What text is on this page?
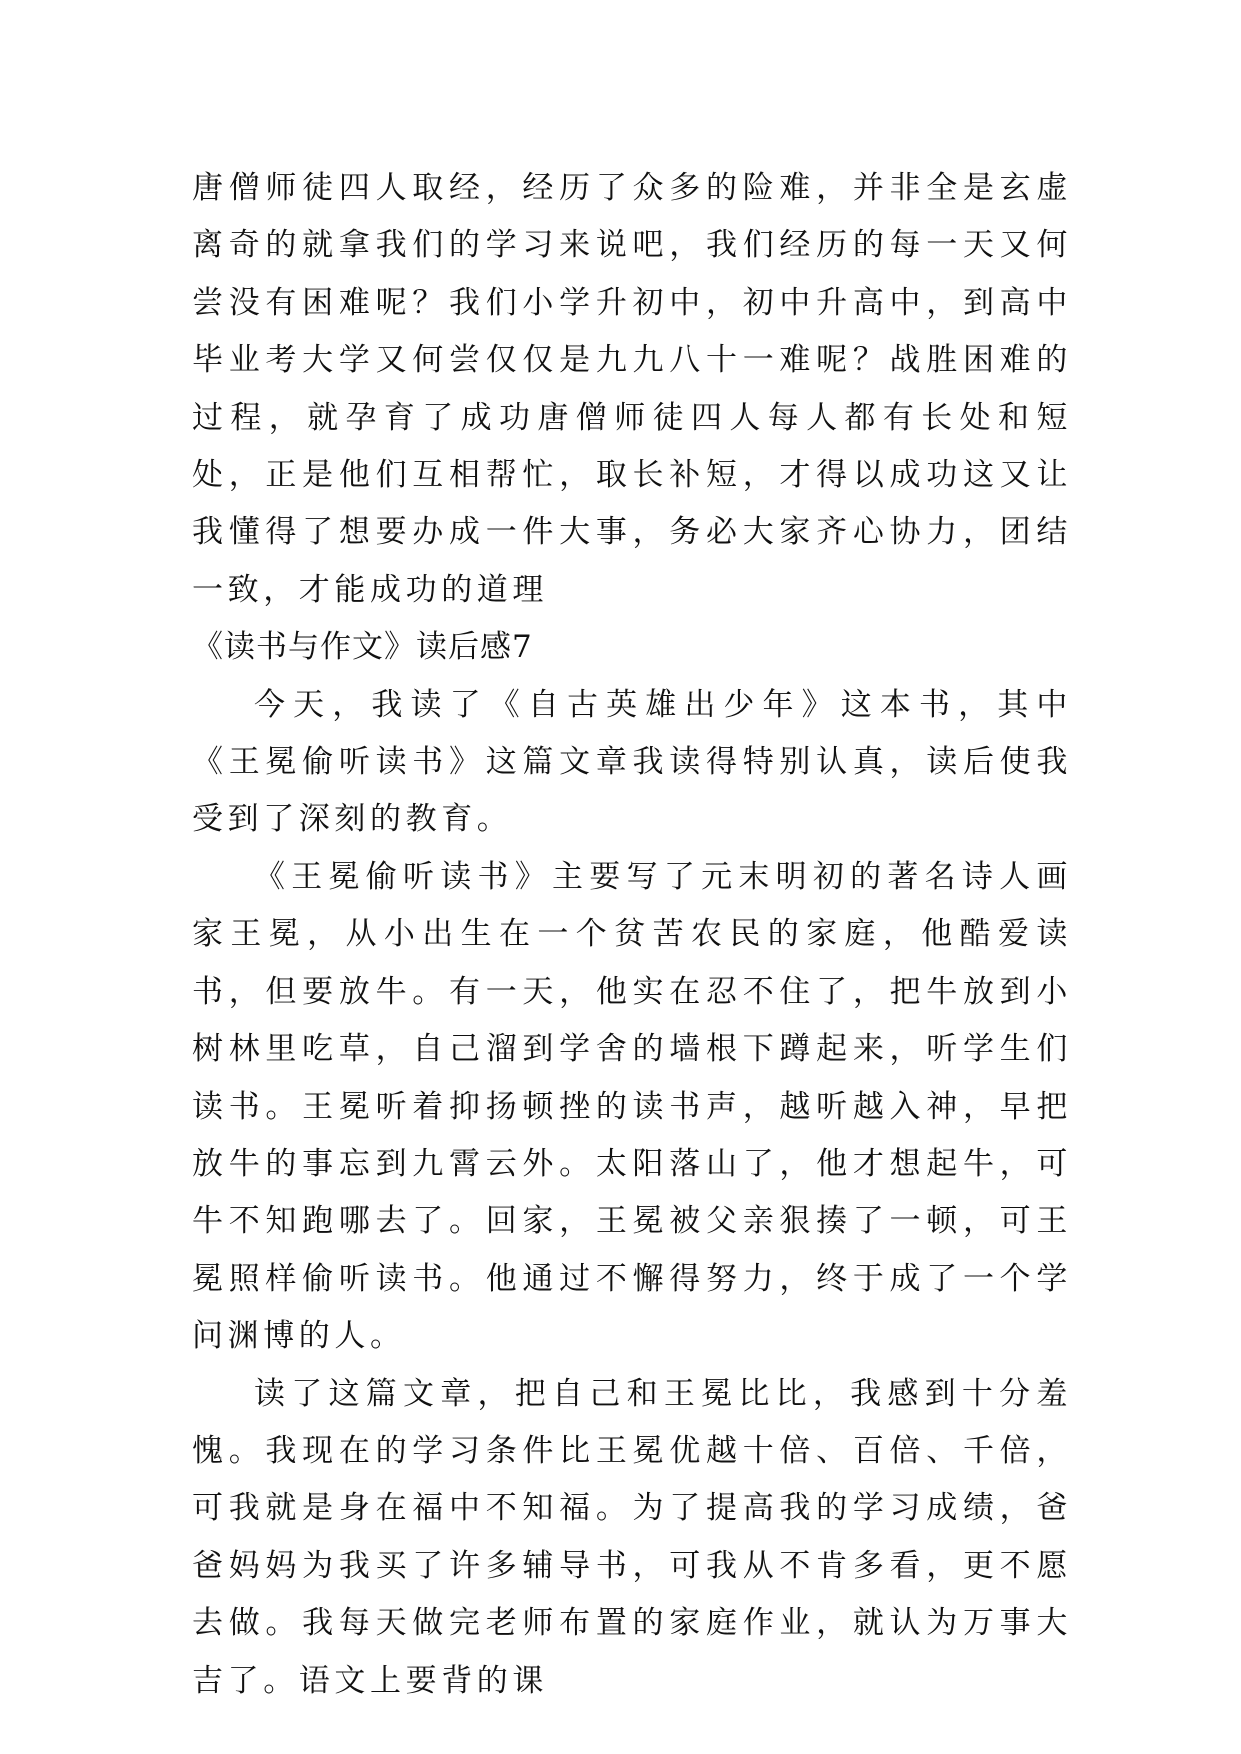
唐僧师徒四人取经，经历了众多的险难，并非全是玄虚离奇的就拿我们的学习来说吧，我们经历的每一天又何尝没有困难呢？我们小学升初中，初中升高中，到高中毕业考大学又何尝仅仅是九九八十一难呢？战胜困难的过程，就孕育了成功唐僧师徒四人每人都有长处和短处，正是他们互相帮忙，取长补短，才得以成功这又让我懂得了想要办成一件大事，务必大家齐心协力，团结一致，才能成功的道理

《读书与作文》读后感7

今天，我读了《自古英雄出少年》这本书，其中《王冕偷听读书》这篇文章我读得特别认真，读后使我受到了深刻的教育。

《王冕偷听读书》主要写了元末明初的著名诗人画家王冕，从小出生在一个贫苦农民的家庭，他酷爱读书，但要放牛。有一天，他实在忍不住了，把牛放到小树林里吃草，自己溜到学舍的墙根下蹲起来，听学生们读书。王冕听着抑扬顿挫的读书声，越听越入神，早把放牛的事忘到九霄云外。太阳落山了，他才想起牛，可牛不知跑哪去了。回家，王冕被父亲狠揍了一顿，可王冕照样偷听读书。他通过不懈得努力，终于成了一个学问渊博的人。

读了这篇文章，把自己和王冕比比，我感到十分羞愧。我现在的学习条件比王冕优越十倍、百倍、千倍，可我就是身在福中不知福。为了提高我的学习成绩，爸爸妈妈为我买了许多辅导书，可我从不肯多看，更不愿去做。我每天做完老师布置的家庭作业，就认为万事大吉了。语文上要背的课
